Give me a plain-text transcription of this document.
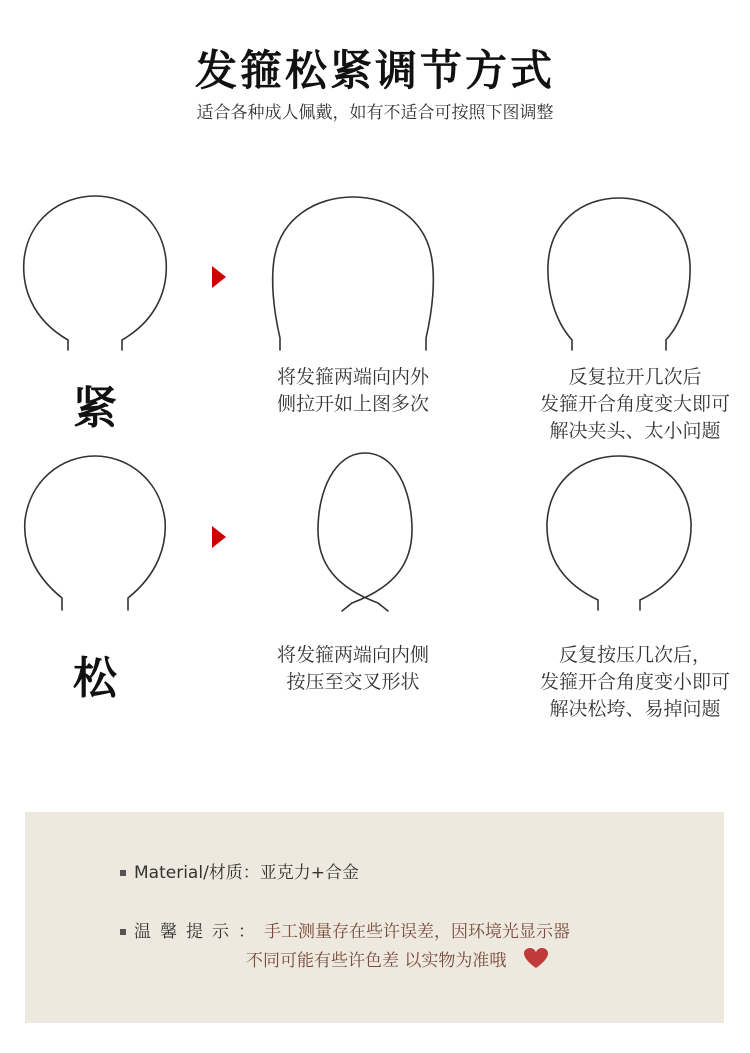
发箍松紧调节方式
适合各种成人佩戴，如有不适合可按照下图调整
紧
将发箍两端向内外
侧拉开如上图多次
反复拉开几次后
发箍开合角度变大即可
解决夹头、太小问题
松	将发箍两端向内侧
按压至交叉形状
反复按压几次后，
发箍开合角度变小即可
解决松垮、易掉问题
Material/材质：亚克力+合金
温馨提示：手工测量存在些许误差，因环境光显示器
不同可能有些许色差 以实物为准哦
